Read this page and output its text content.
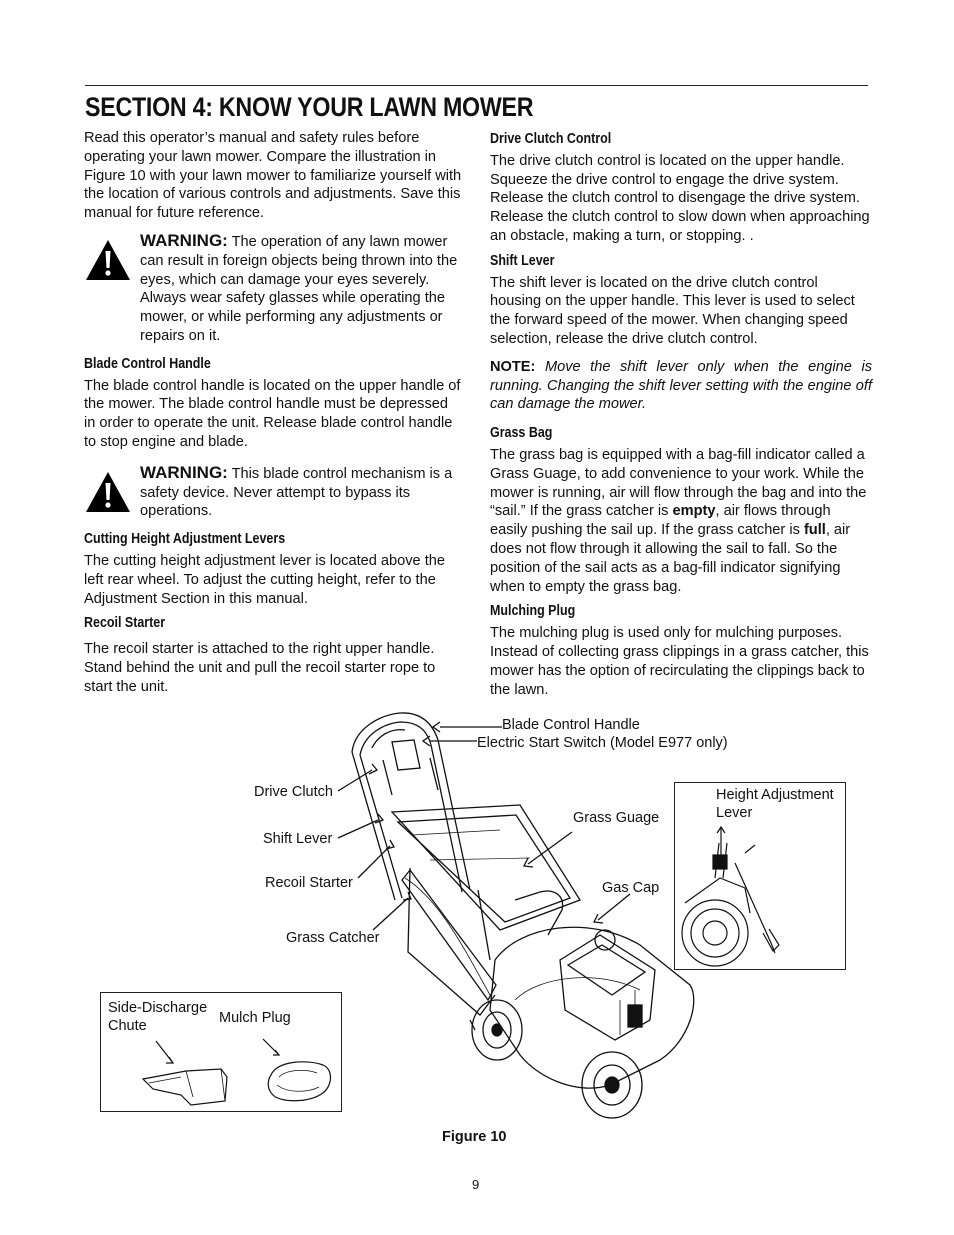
SECTION 4: KNOW YOUR LAWN MOWER

Read this operator’s manual and safety rules before operating your lawn mower. Compare the illustration in Figure 10 with your lawn mower to familiarize yourself with the location of various controls and adjustments. Save this manual for future reference.

WARNING: The operation of any lawn mower can result in foreign objects being thrown into the eyes, which can damage your eyes severely. Always wear safety glasses while operating the mower, or while performing any adjustments or repairs on it.

Blade Control Handle

The blade control handle is located on the upper handle of the mower. The blade control handle must be depressed in order to operate the unit. Release blade control handle to stop engine and blade.

WARNING: This blade control mechanism is a safety device. Never attempt to bypass its operations.

Cutting Height Adjustment Levers

The cutting height adjustment lever is located above the left rear wheel. To adjust the cutting height, refer to the Adjustment Section in this manual.

Recoil Starter

The recoil starter is attached to the right upper handle. Stand behind the unit and pull the recoil starter rope to start the unit.

Drive Clutch Control

The drive clutch control is located on the upper handle. Squeeze the drive control to engage the drive system. Release the clutch control to disengage the drive system. Release the clutch control to slow down when approaching an obstacle, making a turn, or stopping. .

Shift Lever

The shift lever is located on the drive clutch control housing on the upper handle. This lever is used to select the forward speed of the mower. When changing speed selection, release the drive clutch control.

NOTE: Move the shift lever only when the engine is running. Changing the shift lever setting with the engine off can damage the mower.

Grass Bag

The grass bag is equipped with a bag-fill indicator called a Grass Guage, to add convenience to your work. While the mower is running, air will flow through the bag and into the “sail.” If the grass catcher is empty, air flows through easily pushing the sail up. If the grass catcher is full, air does not flow through it allowing the sail to fall. So the position of the sail acts as a bag-fill indicator signifying when to empty the grass bag.

Mulching Plug

The mulching plug is used only for mulching purposes. Instead of collecting grass clippings in a grass catcher, this mower has the option of recirculating the clippings back to the lawn.

Blade Control Handle
Electric Start Switch (Model E977 only)
Drive Clutch
Shift Lever
Recoil Starter
Grass Catcher
Grass Guage
Gas Cap
Height Adjustment
Lever
Side-Discharge
Chute	Mulch Plug
Figure 10
9
